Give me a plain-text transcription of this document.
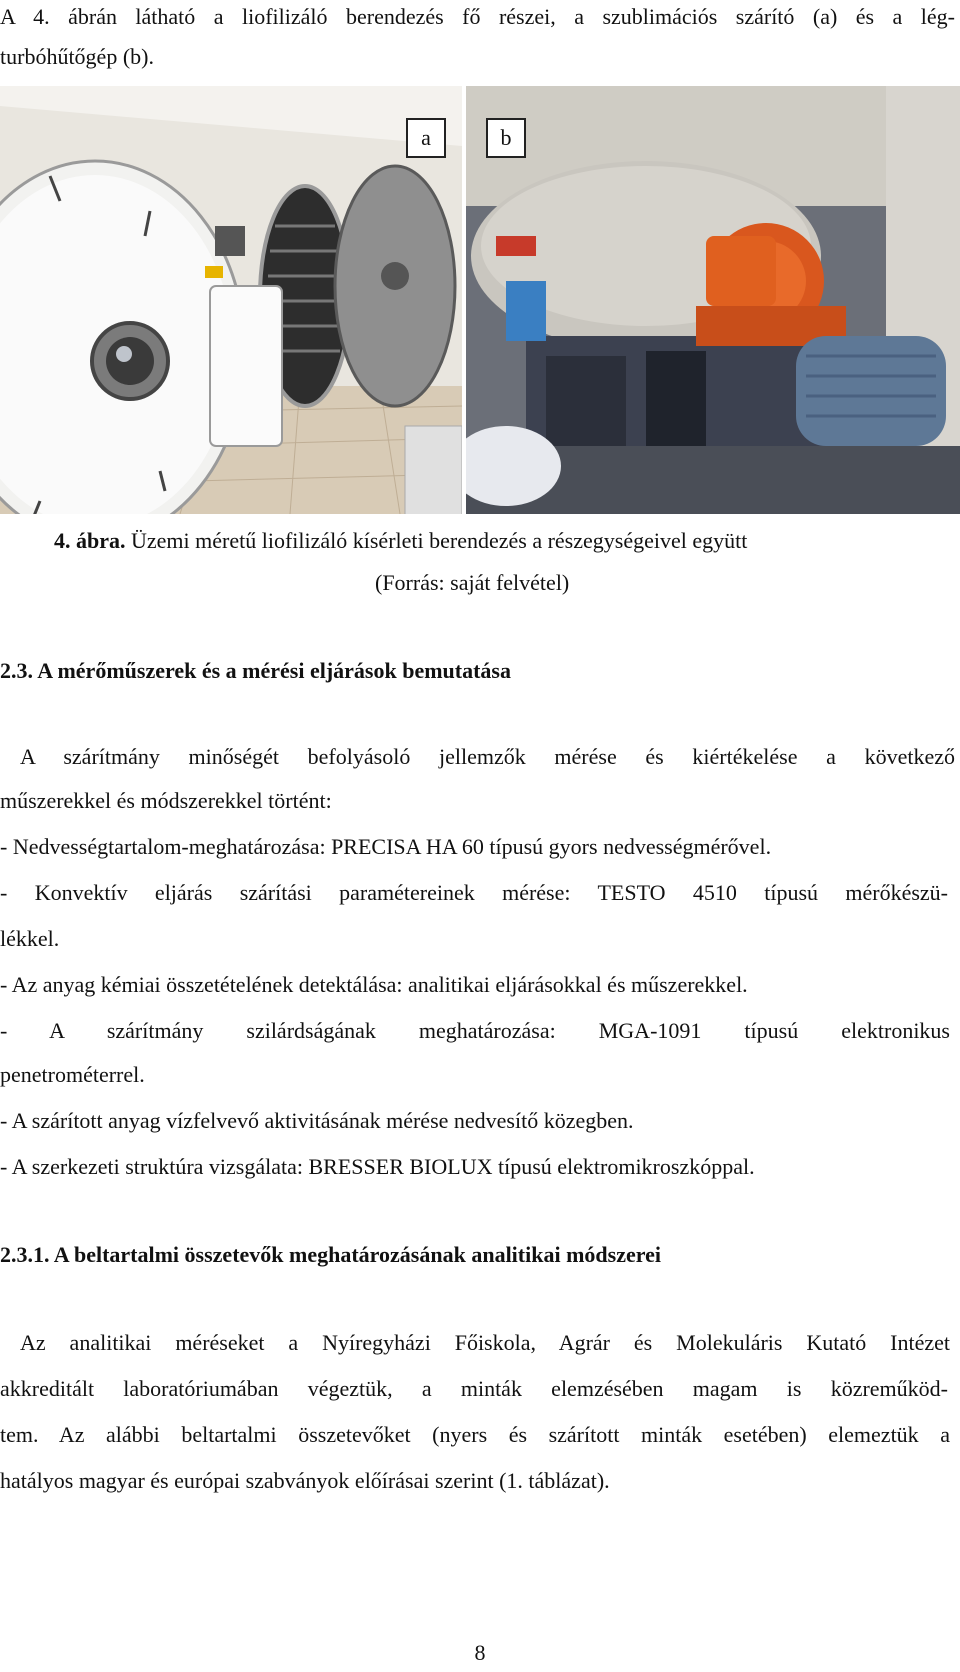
A 4. ábrán látható a liofilizáló berendezés fő részei, a szublimációs szárító (a) és a lég-
turbóhűtőgép (b).
a	b
4. ábra. Üzemi méretű liofilizáló kísérleti berendezés a részegységeivel együtt
(Forrás: saját felvétel)
2.3. A mérőműszerek és a mérési eljárások bemutatása
A szárítmány minőségét befolyásoló jellemzők mérése és kiértékelése a következő
műszerekkel és módszerekkel történt:
- Nedvességtartalom-meghatározása: PRECISA HA 60 típusú gyors nedvességmérővel.
- Konvektív eljárás szárítási paramétereinek mérése: TESTO 4510 típusú mérőkészü-
lékkel.
- Az anyag kémiai összetételének detektálása: analitikai eljárásokkal és műszerekkel.
- A szárítmány szilárdságának meghatározása: MGA-1091 típusú elektronikus
penetrométerrel.
- A szárított anyag vízfelvevő aktivitásának mérése nedvesítő közegben.
- A szerkezeti struktúra vizsgálata: BRESSER BIOLUX típusú elektromikroszkóppal.
2.3.1. A beltartalmi összetevők meghatározásának analitikai módszerei
Az analitikai méréseket a Nyíregyházi Főiskola, Agrár és Molekuláris Kutató Intézet
akkreditált laboratóriumában végeztük, a minták elemzésében magam is közreműköd-
tem. Az alábbi beltartalmi összetevőket (nyers és szárított minták esetében) elemeztük a
hatályos magyar és európai szabványok előírásai szerint (1. táblázat).
8
